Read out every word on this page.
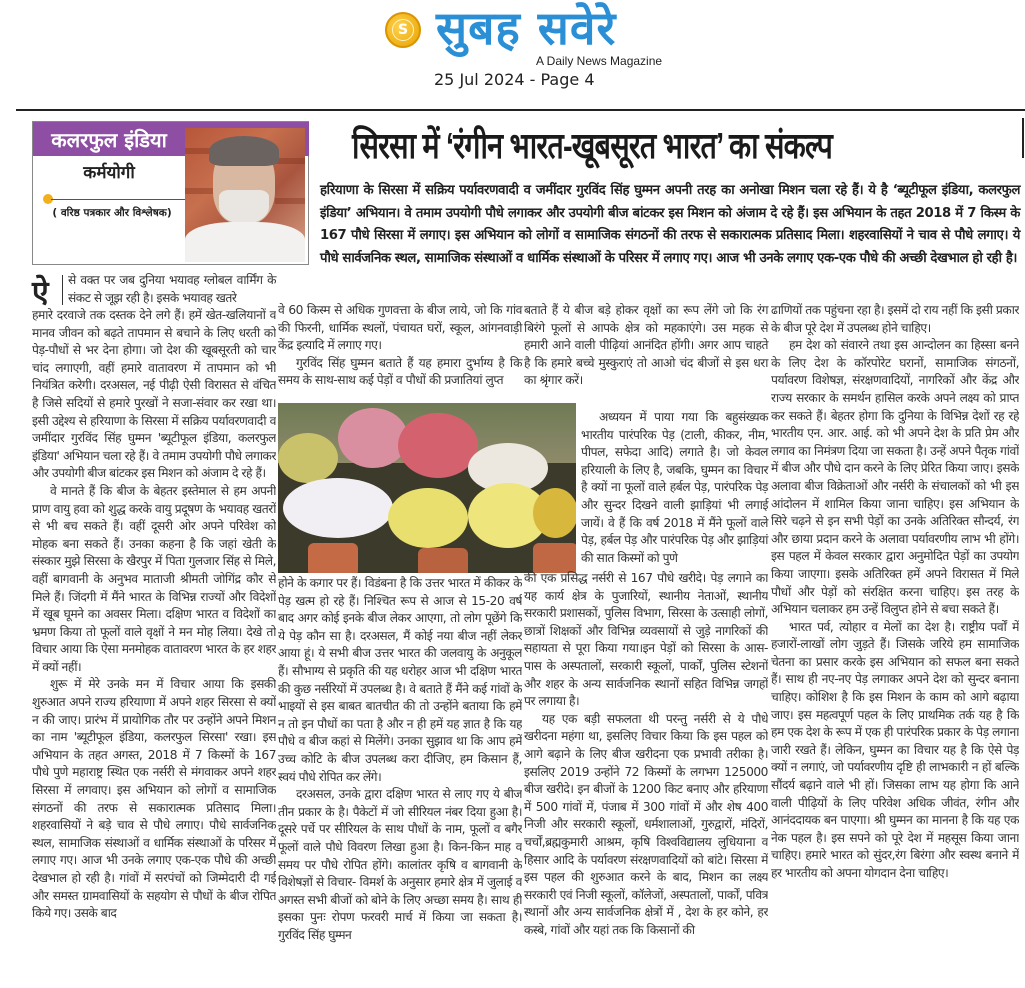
S सुबह सवेरे
A Daily News Magazine
25 Jul 2024 - Page 4
कलरफुल इंडिया
कर्मयोगी
( वरिष्ठ पत्रकार और विश्लेषक)
सिरसा में ‘रंगीन भारत-खूबसूरत भारत’ का संकल्प
हरियाणा के सिरसा में सक्रिय पर्यावरणवादी व जमींदार गुरविंद सिंह घुम्मन अपनी तरह का अनोखा मिशन चला रहे हैं। ये है ‘ब्यूटीफूल इंडिया, कलरफुल इंडिया’ अभियान। वे तमाम उपयोगी पौधे लगाकर और उपयोगी बीज बांटकर इस मिशन को अंजाम दे रहे हैं। इस अभियान के तहत 2018 में 7 किस्म के 167 पौधे सिरसा में लगाए। इस अभियान को लोगों व सामाजिक संगठनों की तरफ से सकारात्मक प्रतिसाद मिला। शहरवासियों ने चाव से पौधे लगाए। ये पौधे सार्वजनिक स्थल, सामाजिक संस्थाओं व धार्मिक संस्थाओं के परिसर में लगाए गए। आज भी उनके लगाए एक-एक पौधे की अच्छी देखभाल हो रही है।
ऐ से वक्त पर जब दुनिया भयावह ग्लोबल वार्मिंग के संकट से जूझ रही है। इसके भयावह खतरे

हमारे दरवाजे तक दस्तक देने लगे हैं। हमें खेत-खलियानों व मानव जीवन को बढ़ते तापमान से बचाने के लिए धरती को पेड़-पौधों से भर देना होगा। जो देश की खूबसूरती को चार चांद लगाएगी, वहीं हमारे वातावरण में तापमान को भी नियंत्रित करेगी। दरअसल, नई पीढ़ी ऐसी विरासत से वंचित है जिसे सदियों से हमारे पुरखों ने सजा-संवार कर रखा था। इसी उद्देश्य से हरियाणा के सिरसा में सक्रिय पर्यावरणवादी व जमींदार गुरविंद सिंह घुम्मन 'ब्यूटीफूल इंडिया, कलरफुल इंडिया' अभियान चला रहे हैं। वे तमाम उपयोगी पौधे लगाकर और उपयोगी बीज बांटकर इस मिशन को अंजाम दे रहे हैं।

वे मानते हैं कि बीज के बेहतर इस्तेमाल से हम अपनी प्राण वायु हवा को शुद्ध करके वायु प्रदूषण के भयावह खतरों से भी बच सकते हैं। वहीं दूसरी ओर अपने परिवेश को मोहक बना सकते हैं। उनका कहना है कि जहां खेती के संस्कार मुझे सिरसा के खैरपुर में पिता गुलजार सिंह से मिले, वहीं बागवानी के अनुभव माताजी श्रीमती जोगिंद्र कौर से मिले हैं। जिंदगी में मैंने भारत के विभिन्न राज्यों और विदेशों में खूब घूमने का अवसर मिला। दक्षिण भारत व विदेशों का भ्रमण किया तो फूलों वाले वृक्षों ने मन मोह लिया। देखे तो विचार आया कि ऐसा मनमोहक वातावरण भारत के हर शहर में क्यों नहीं।

शुरू में मेरे उनके मन में विचार आया कि इसकी शुरुआत अपने राज्य हरियाणा में अपने शहर सिरसा से क्यों न की जाए। प्रारंभ में प्रायोगिक तौर पर उन्होंने अपने मिशन का नाम 'ब्यूटीफूल इंडिया, कलरफुल सिरसा' रखा। इस अभियान के तहत अगस्त, 2018 में 7 किस्मों के 167 पौधे पुणे महाराष्ट्र स्थित एक नर्सरी से मंगवाकर अपने शहर सिरसा में लगवाए। इस अभियान को लोगों व सामाजिक संगठनों की तरफ से सकारात्मक प्रतिसाद मिला। शहरवासियों ने बड़े चाव से पौधे लगाए। पौधे सार्वजनिक स्थल, सामाजिक संस्थाओं व धार्मिक संस्थाओं के परिसर में लगाए गए। आज भी उनके लगाए एक-एक पौधे की अच्छी देखभाल हो रही है। गांवों में सरपंचों को जिम्मेदारी दी गई और समस्त ग्रामवासियों के सहयोग से पौधों के बीज रोपित किये गए। उसके बाद

वे 60 किस्म से अधिक गुणवत्ता के बीज लाये, जो कि गांव की फिरनी, धार्मिक स्थलों, पंचायत घरों, स्कूल, आंगनवाड़ी केंद्र इत्यादि में लगाए गए।

गुरविंद सिंह घुम्मन बताते हैं यह हमारा दुर्भाग्य है कि समय के साथ-साथ कई पेड़ों व पौधों की प्रजातियां लुप्त

होने के कगार पर हैं। विडंबना है कि उत्तर भारत में कीकर के पेड़ खत्म हो रहे हैं। निश्चित रूप से आज से 15-20 वर्ष बाद अगर कोई इनके बीज लेकर आएगा, तो लोग पूछेंगे कि ये पेड़ कौन सा है। दरअसल, मैं कोई नया बीज नहीं लेकर आया हूं। ये सभी बीज उत्तर भारत की जलवायु के अनुकूल हैं। सौभाग्य से प्रकृति की यह धरोहर आज भी दक्षिण भारत की कुछ नर्सरियों में उपलब्ध है। वे बताते हैं मैंने कई गांवों के भाइयों से इस बाबत बातचीत की तो उन्होंने बताया कि हमें न तो इन पौधों का पता है और न ही हमें यह ज्ञात है कि यह पौधे व बीज कहां से मिलेंगे। उनका सुझाव था कि आप हमें उच्च कोटि के बीज उपलब्ध करा दीजिए, हम किसान हैं, स्वयं पौधे रोपित कर लेंगे।

दरअसल, उनके द्वारा दक्षिण भारत से लाए गए ये बीज तीन प्रकार के है। पैकेटों में जो सीरियल नंबर दिया हुआ है। दूसरे पर्चे पर सीरियल के साथ पौधों के नाम, फूलों व बगैर फूलों वाले पौधे विवरण लिखा हुआ है। किन-किन माह व समय पर पौधे रोपित होंगे। कालांतर कृषि व बागवानी के विशेषज्ञों से विचार- विमर्श के अनुसार हमारे क्षेत्र में जुलाई व अगस्त सभी बीजों को बोने के लिए अच्छा समय है। साथ ही इसका पुनः रोपण फरवरी मार्च में किया जा सकता है। गुरविंद सिंह घुम्मन

बताते हैं ये बीज बड़े होकर वृक्षों का रूप लेंगे जो कि रंग बिरंगे फूलों से आपके क्षेत्र को महकाएंगे। उस महक से हमारी आने वाली पीढ़ियां आनंदित होंगी। अगर आप चाहते है कि हमारे बच्चे मुस्कुराएं तो आओ चंद बीजों से इस धरा का श्रृंगार करें।

अध्ययन में पाया गया कि बहुसंख्यक भारतीय पारंपरिक पेड़ (टाली, कीकर, नीम, पीपल, सफेदा आदि) लगाते है। जो केवल हरियाली के लिए है, जबकि, घुम्मन का विचार है क्यों ना फूलों वाले हर्बल पेड़, पारंपरिक पेड़ और सुन्दर दिखने वाली झाड़ियां भी लगाई जायें। वे हैं कि वर्ष 2018 में मैंने फूलों वाले पेड़, हर्बल पेड़ और पारंपरिक पेड़ और झाड़ियां की सात किस्मों को पुणे

की एक प्रसिद्ध नर्सरी से 167 पौधे खरीदे। पेड़ लगाने का यह कार्य क्षेत्र के पुजारियों, स्थानीय नेताओं, स्थानीय सरकारी प्रशासकों, पुलिस विभाग, सिरसा के उत्साही लोगों, छात्रों शिक्षकों और विभिन्न व्यवसायों से जुड़े नागरिकों की सहायता से पूरा किया गया।इन पेड़ों को सिरसा के आस-पास के अस्पतालों, सरकारी स्कूलों, पार्कों, पुलिस स्टेशनों और शहर के अन्य सार्वजनिक स्थानों सहित विभिन्न जगहों पर लगाया है।

यह एक बड़ी सफलता थी परन्तु नर्सरी से ये पौधे खरीदना महंगा था, इसलिए विचार किया कि इस पहल को आगे बढ़ाने के लिए बीज खरीदना एक प्रभावी तरीका है। इसलिए 2019 उन्होंने 72 किस्मों के लगभग 125000 बीज खरीदे। इन बीजों के 1200 किट बनाए और हरियाणा में 500 गांवों में, पंजाब में 300 गांवों में और शेष 400 निजी और सरकारी स्कूलों, धर्मशालाओं, गुरुद्वारों, मंदिरों, चर्चों,ब्रह्मकुमारी आश्रम, कृषि विश्वविद्यालय लुधियाना व हिसार आदि के पर्यावरण संरक्षणवादियों को बांटे। सिरसा में इस पहल की शुरुआत करने के बाद, मिशन का लक्ष्य सरकारी एवं निजी स्कूलों, कॉलेजों, अस्पतालों, पार्कों, पवित्र स्थानों और अन्य सार्वजनिक क्षेत्रों में , देश के हर कोने, हर कस्बे, गांवों और यहां तक कि किसानों की

ढाणियों तक पहुंचना रहा है। इसमें दो राय नहीं कि इसी प्रकार के बीज पूरे देश में उपलब्ध होने चाहिए।

हम देश को संवारने तथा इस आन्दोलन का हिस्सा बनने के लिए देश के कॉरपोरेट घरानों, सामाजिक संगठनों, पर्यावरण विशेषज्ञ, संरक्षणवादियों, नागरिकों और केंद्र और राज्य सरकार के समर्थन हासिल करके अपने लक्ष्य को प्राप्त कर सकते हैं। बेहतर होगा कि दुनिया के विभिन्न देशों रह रहे भारतीय एन. आर. आई. को भी अपने देश के प्रति प्रेम और लगाव का निमंत्रण दिया जा सकता है। उन्हें अपने पैतृक गांवों में बीज और पौधे दान करने के लिए प्रेरित किया जाए। इसके अलावा बीज विक्रेताओं और नर्सरी के संचालकों को भी इस आंदोलन में शामिल किया जाना चाहिए। इस अभियान के सिरे चढ़ने से इन सभी पेड़ों का उनके अतिरिक्त सौन्दर्य, रंग और छाया प्रदान करने के अलावा पर्यावरणीय लाभ भी होंगे। इस पहल में केवल सरकार द्वारा अनुमोदित पेड़ों का उपयोग किया जाएगा। इसके अतिरिक्त हमें अपने विरासत में मिले पौधों और पेड़ों को संरक्षित करना चाहिए। इस तरह के अभियान चलाकर हम उन्हें विलुप्त होने से बचा सकते हैं।

भारत पर्व, त्योहार व मेलों का देश है। राष्ट्रीय पर्वों में हजारों-लाखों लोग जुड़ते हैं। जिसके जरिये हम सामाजिक चेतना का प्रसार करके इस अभियान को सफल बना सकते हैं। साथ ही नए-नए पेड़ लगाकर अपने देश को सुन्दर बनाना चाहिए। कोशिश है कि इस मिशन के काम को आगे बढ़ाया जाए। इस महत्वपूर्ण पहल के लिए प्राथमिक तर्क यह है कि हम एक देश के रूप में एक ही पारंपरिक प्रकार के पेड़ लगाना जारी रखते हैं। लेकिन, घुम्मन का विचार यह है कि ऐसे पेड़ क्यों न लगाएं, जो पर्यावरणीय दृष्टि ही लाभकारी न हों बल्कि सौंदर्य बढ़ाने वाले भी हों। जिसका लाभ यह होगा कि आने वाली पीढ़ियों के लिए परिवेश अधिक जीवंत, रंगीन और आनंददायक बन पाएगा। श्री घुम्मन का मानना है कि यह एक नेक पहल है। इस सपने को पूरे देश में महसूस किया जाना चाहिए। हमारे भारत को सुंदर,रंग बिरंगा और स्वस्थ बनाने में हर भारतीय को अपना योगदान देना चाहिए।
